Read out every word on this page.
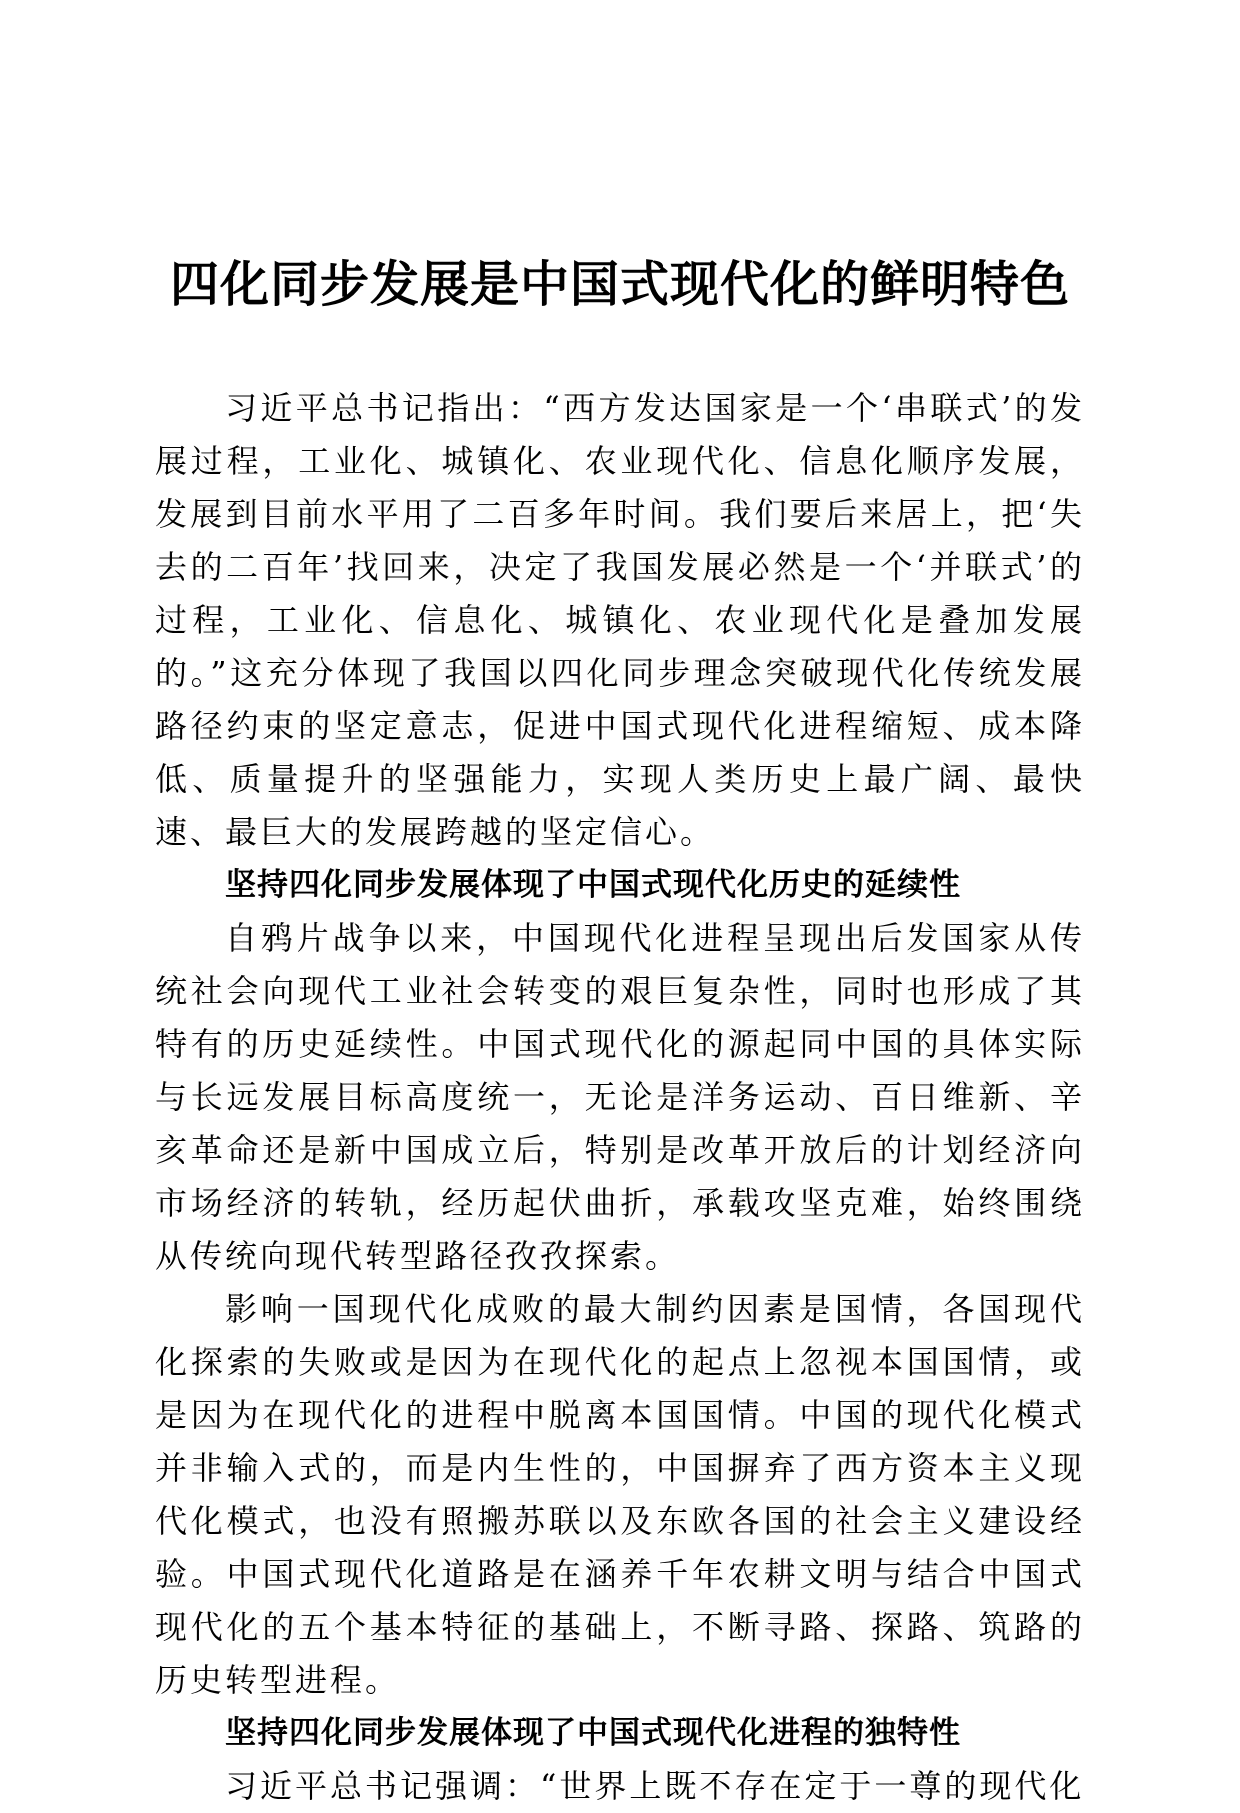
四化同步发展是中国式现代化的鲜明特色

习近平总书记指出：“西方发达国家是一个‘串联式’的发展过程，工业化、城镇化、农业现代化、信息化顺序发展，发展到目前水平用了二百多年时间。我们要后来居上，把‘失去的二百年’找回来，决定了我国发展必然是一个‘并联式’的过程，工业化、信息化、城镇化、农业现代化是叠加发展的。”这充分体现了我国以四化同步理念突破现代化传统发展路径约束的坚定意志，促进中国式现代化进程缩短、成本降低、质量提升的坚强能力，实现人类历史上最广阔、最快速、最巨大的发展跨越的坚定信心。

坚持四化同步发展体现了中国式现代化历史的延续性

自鸦片战争以来，中国现代化进程呈现出后发国家从传统社会向现代工业社会转变的艰巨复杂性，同时也形成了其特有的历史延续性。中国式现代化的源起同中国的具体实际与长远发展目标高度统一，无论是洋务运动、百日维新、辛亥革命还是新中国成立后，特别是改革开放后的计划经济向市场经济的转轨，经历起伏曲折，承载攻坚克难，始终围绕从传统向现代转型路径孜孜探索。

影响一国现代化成败的最大制约因素是国情，各国现代化探索的失败或是因为在现代化的起点上忽视本国国情，或是因为在现代化的进程中脱离本国国情。中国的现代化模式并非输入式的，而是内生性的，中国摒弃了西方资本主义现代化模式，也没有照搬苏联以及东欧各国的社会主义建设经验。中国式现代化道路是在涵养千年农耕文明与结合中国式现代化的五个基本特征的基础上，不断寻路、探路、筑路的历史转型进程。

坚持四化同步发展体现了中国式现代化进程的独特性

习近平总书记强调：“世界上既不存在定于一尊的现代化
